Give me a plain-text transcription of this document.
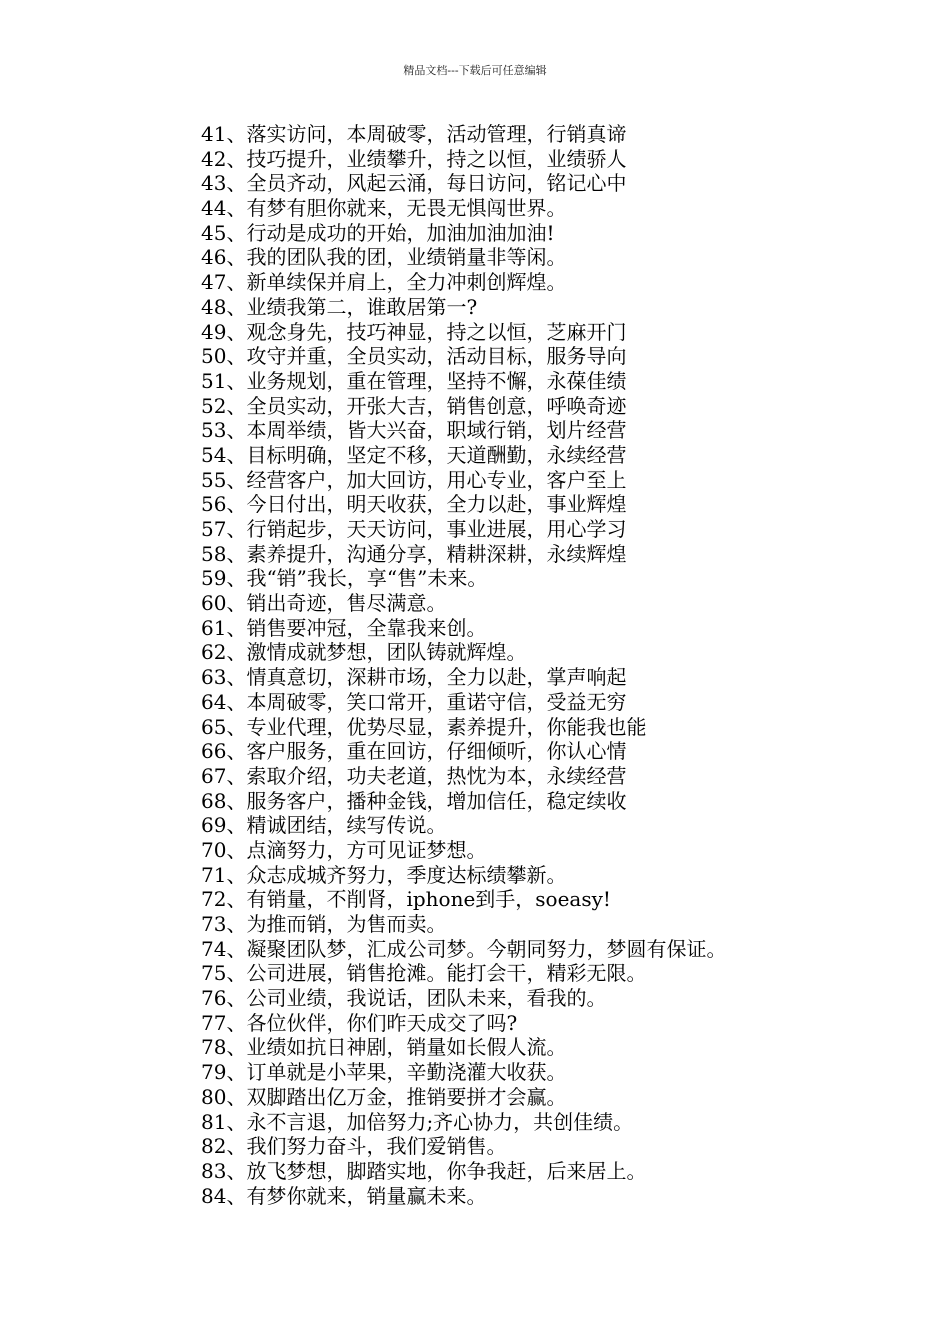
精品文档---下载后可任意编辑
41、落实访问，本周破零，活动管理，行销真谛
42、技巧提升，业绩攀升，持之以恒，业绩骄人
43、全员齐动，风起云涌，每日访问，铭记心中
44、有梦有胆你就来，无畏无惧闯世界。
45、行动是成功的开始，加油加油加油!
46、我的团队我的团，业绩销量非等闲。
47、新单续保并肩上，全力冲刺创辉煌。
48、业绩我第二，谁敢居第一?
49、观念身先，技巧神显，持之以恒，芝麻开门
50、攻守并重，全员实动，活动目标，服务导向
51、业务规划，重在管理，坚持不懈，永葆佳绩
52、全员实动，开张大吉，销售创意，呼唤奇迹
53、本周举绩，皆大兴奋，职域行销，划片经营
54、目标明确，坚定不移，天道酬勤，永续经营
55、经营客户，加大回访，用心专业，客户至上
56、今日付出，明天收获，全力以赴，事业辉煌
57、行销起步，天天访问，事业进展，用心学习
58、素养提升，沟通分享，精耕深耕，永续辉煌
59、我“销”我长，享“售”未来。
60、销出奇迹，售尽满意。
61、销售要冲冠，全靠我来创。
62、激情成就梦想，团队铸就辉煌。
63、情真意切，深耕市场，全力以赴，掌声响起
64、本周破零，笑口常开，重诺守信，受益无穷
65、专业代理，优势尽显，素养提升，你能我也能
66、客户服务，重在回访，仔细倾听，你认心情
67、索取介绍，功夫老道，热忱为本，永续经营
68、服务客户，播种金钱，增加信任，稳定续收
69、精诚团结，续写传说。
70、点滴努力，方可见证梦想。
71、众志成城齐努力，季度达标绩攀新。
72、有销量，不削肾，iphone到手，soeasy!
73、为推而销，为售而卖。
74、凝聚团队梦，汇成公司梦。今朝同努力，梦圆有保证。
75、公司进展，销售抢滩。能打会干，精彩无限。
76、公司业绩，我说话，团队未来，看我的。
77、各位伙伴，你们昨天成交了吗?
78、业绩如抗日神剧，销量如长假人流。
79、订单就是小苹果，辛勤浇灌大收获。
80、双脚踏出亿万金，推销要拼才会赢。
81、永不言退，加倍努力;齐心协力，共创佳绩。
82、我们努力奋斗，我们爱销售。
83、放飞梦想，脚踏实地，你争我赶，后来居上。
84、有梦你就来，销量赢未来。
